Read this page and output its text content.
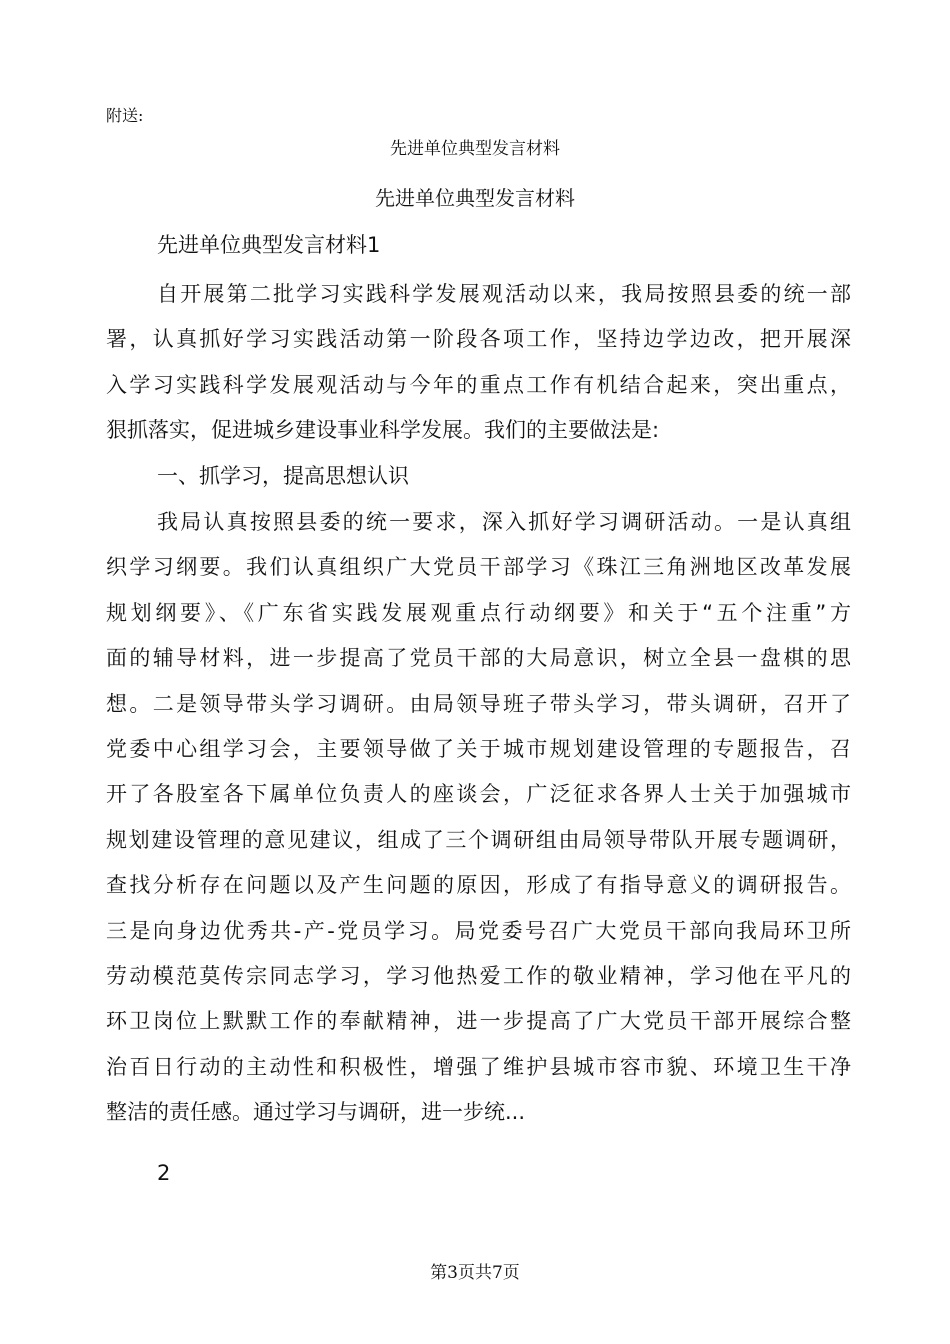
附送:
先进单位典型发言材料
先进单位典型发言材料
先进单位典型发言材料1
自开展第二批学习实践科学发展观活动以来，我局按照县委的统一部
署，认真抓好学习实践活动第一阶段各项工作，坚持边学边改，把开展深
入学习实践科学发展观活动与今年的重点工作有机结合起来，突出重点，
狠抓落实，促进城乡建设事业科学发展。我们的主要做法是:
一、抓学习，提高思想认识
我局认真按照县委的统一要求，深入抓好学习调研活动。一是认真组
织学习纲要。我们认真组织广大党员干部学习《珠江三角洲地区改革发展
规划纲要》、《广东省实践发展观重点行动纲要》和关于“五个注重”方
面的辅导材料，进一步提高了党员干部的大局意识，树立全县一盘棋的思
想。二是领导带头学习调研。由局领导班子带头学习，带头调研，召开了
党委中心组学习会，主要领导做了关于城市规划建设管理的专题报告，召
开了各股室各下属单位负责人的座谈会，广泛征求各界人士关于加强城市
规划建设管理的意见建议，组成了三个调研组由局领导带队开展专题调研，
查找分析存在问题以及产生问题的原因，形成了有指导意义的调研报告。
三是向身边优秀共-产-党员学习。局党委号召广大党员干部向我局环卫所
劳动模范莫传宗同志学习，学习他热爱工作的敬业精神，学习他在平凡的
环卫岗位上默默工作的奉献精神，进一步提高了广大党员干部开展综合整
治百日行动的主动性和积极性，增强了维护县城市容市貌、环境卫生干净
整洁的责任感。通过学习与调研，进一步统...
2
第3页共7页
